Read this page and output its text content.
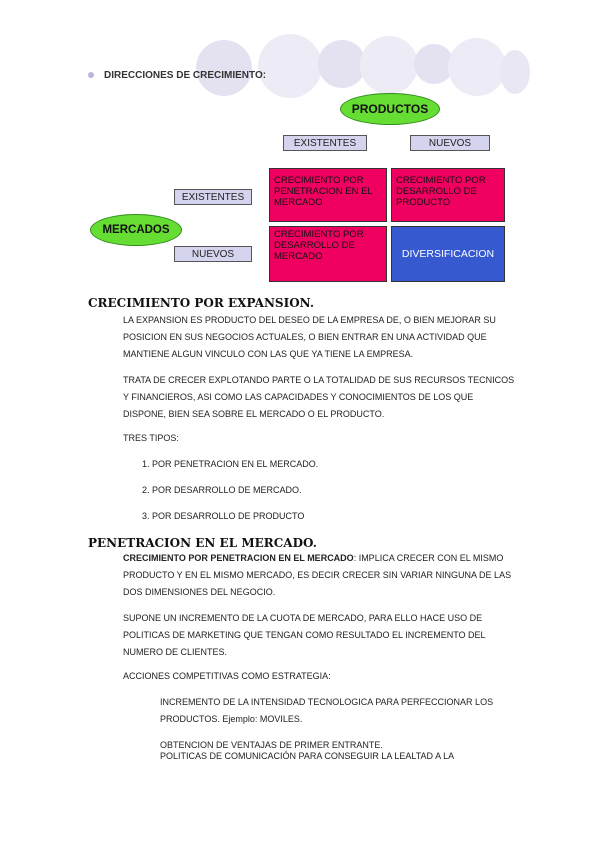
DIRECCIONES DE CRECIMIENTO:
PRODUCTOS
EXISTENTES	NUEVOS
EXISTENTES
NUEVOS
MERCADOS
CRECIMIENTO POR PENETRACION EN EL MERCADO
CRECIMIENTO POR DESARROLLO DE PRODUCTO
CRECIMIENTO POR DESARROLLO DE MERCADO	DIVERSIFICACION
CRECIMIENTO POR EXPANSION.
LA EXPANSION ES PRODUCTO DEL DESEO DE LA EMPRESA DE, O BIEN MEJORAR SU POSICION EN SUS NEGOCIOS ACTUALES, O BIEN ENTRAR EN UNA ACTIVIDAD QUE MANTIENE ALGUN VINCULO CON LAS QUE YA TIENE LA EMPRESA.
TRATA DE CRECER EXPLOTANDO PARTE O LA TOTALIDAD DE SUS RECURSOS TECNICOS Y FINANCIEROS, ASI COMO LAS CAPACIDADES Y CONOCIMIENTOS DE LOS QUE DISPONE, BIEN SEA SOBRE EL MERCADO O EL PRODUCTO.
TRES TIPOS:
1. POR PENETRACION EN EL MERCADO.
2. POR DESARROLLO DE MERCADO.
3. POR DESARROLLO DE PRODUCTO
PENETRACION EN EL MERCADO.
CRECIMIENTO POR PENETRACION EN EL MERCADO: IMPLICA CRECER CON EL MISMO PRODUCTO Y EN EL MISMO MERCADO, ES DECIR CRECER SIN VARIAR NINGUNA DE LAS DOS DIMENSIONES DEL NEGOCIO.
SUPONE UN INCREMENTO DE LA CUOTA DE MERCADO, PARA ELLO HACE USO DE POLITICAS DE MARKETING QUE TENGAN COMO RESULTADO EL INCREMENTO DEL NUMERO DE CLIENTES.
ACCIONES COMPETITIVAS COMO ESTRATEGIA:
INCREMENTO DE LA INTENSIDAD TECNOLOGICA PARA PERFECCIONAR LOS PRODUCTOS. Ejemplo: MOVILES.
OBTENCION DE VENTAJAS DE PRIMER ENTRANTE.
POLITICAS DE COMUNICACIÓN PARA CONSEGUIR LA LEALTAD A LA
